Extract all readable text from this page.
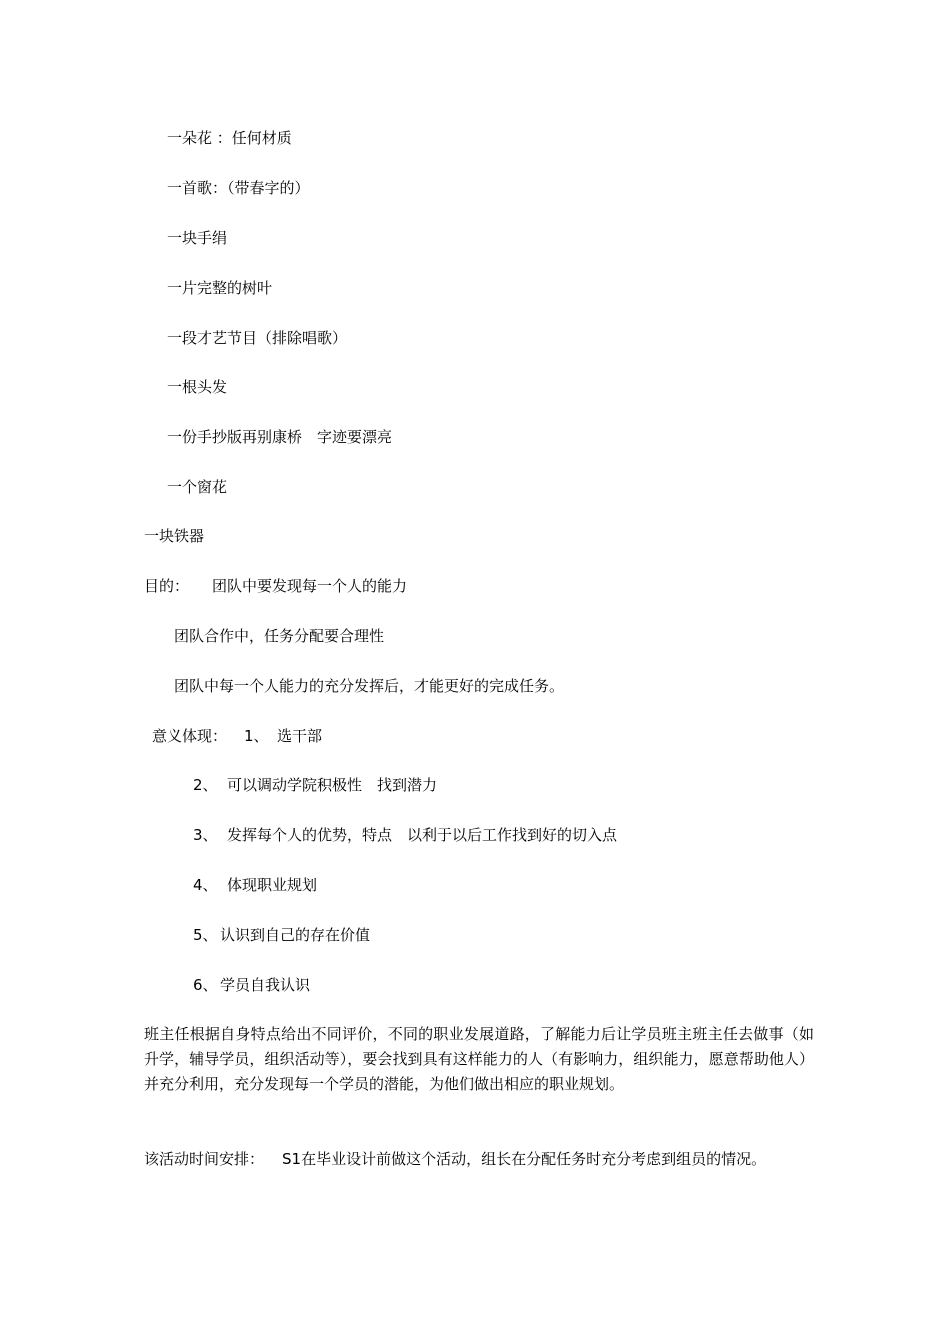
一朵花 ：任何材质
一首歌：（带春字的）
一块手绢
一片完整的树叶
一段才艺节目（排除唱歌）
一根头发
一份手抄版再别康桥　字迹要漂亮
一个窗花
一块铁器
目的： 团队中要发现每一个人的能力
团队合作中，任务分配要合理性
团队中每一个人能力的充分发挥后，才能更好的完成任务。
意义体现： 1、 选干部
2、 可以调动学院积极性　找到潜力
3、 发挥每个人的优势，特点　以利于以后工作找到好的切入点
4、 体现职业规划
5、 认识到自己的存在价值
6、 学员自我认识
班主任根据自身特点给出不同评价，不同的职业发展道路，了解能力后让学员班主班主任去做事（如升学，辅导学员，组织活动等），要会找到具有这样能力的人（有影响力，组织能力，愿意帮助他人）并充分利用，充分发现每一个学员的潜能，为他们做出相应的职业规划。
该活动时间安排： S1在毕业设计前做这个活动，组长在分配任务时充分考虑到组员的情况。
